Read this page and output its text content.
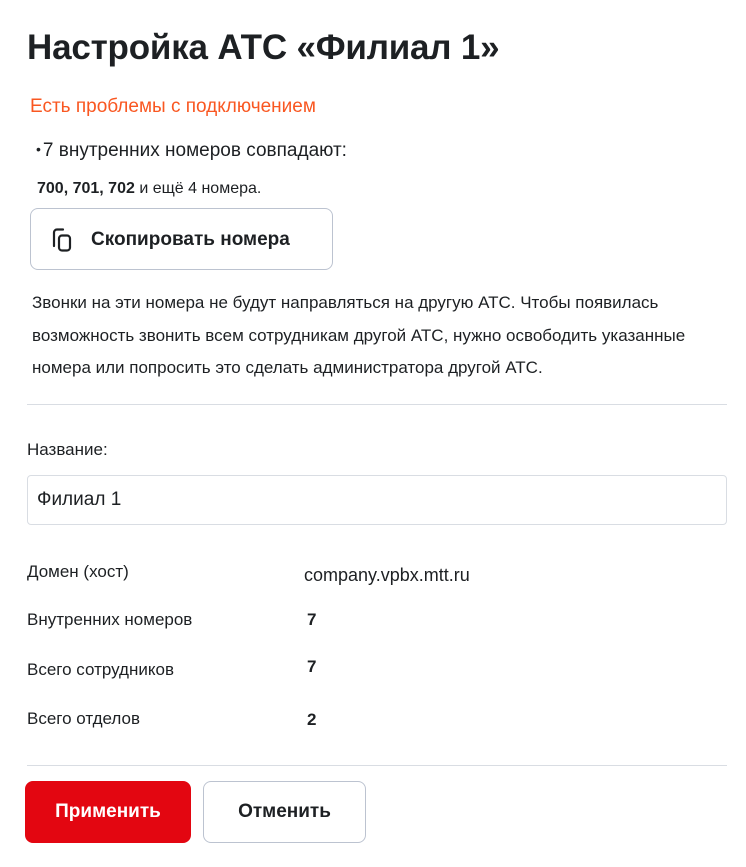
Настройка АТС «Филиал 1»
Есть проблемы с подключением
• 7 внутренних номеров совпадают:
700, 701, 702 и ещё 4 номера.
Скопировать номера

Звонки на эти номера не будут направляться на другую АТС. Чтобы появилась возможность звонить всем сотрудникам другой АТС, нужно освободить указанные номера или попросить это сделать администратора другой АТС.

Название:
Филиал 1
Домен (хост)	company.vpbx.mtt.ru
Внутренних номеров	7
Всего сотрудников	7
Всего отделов	2
Применить	Отменить
